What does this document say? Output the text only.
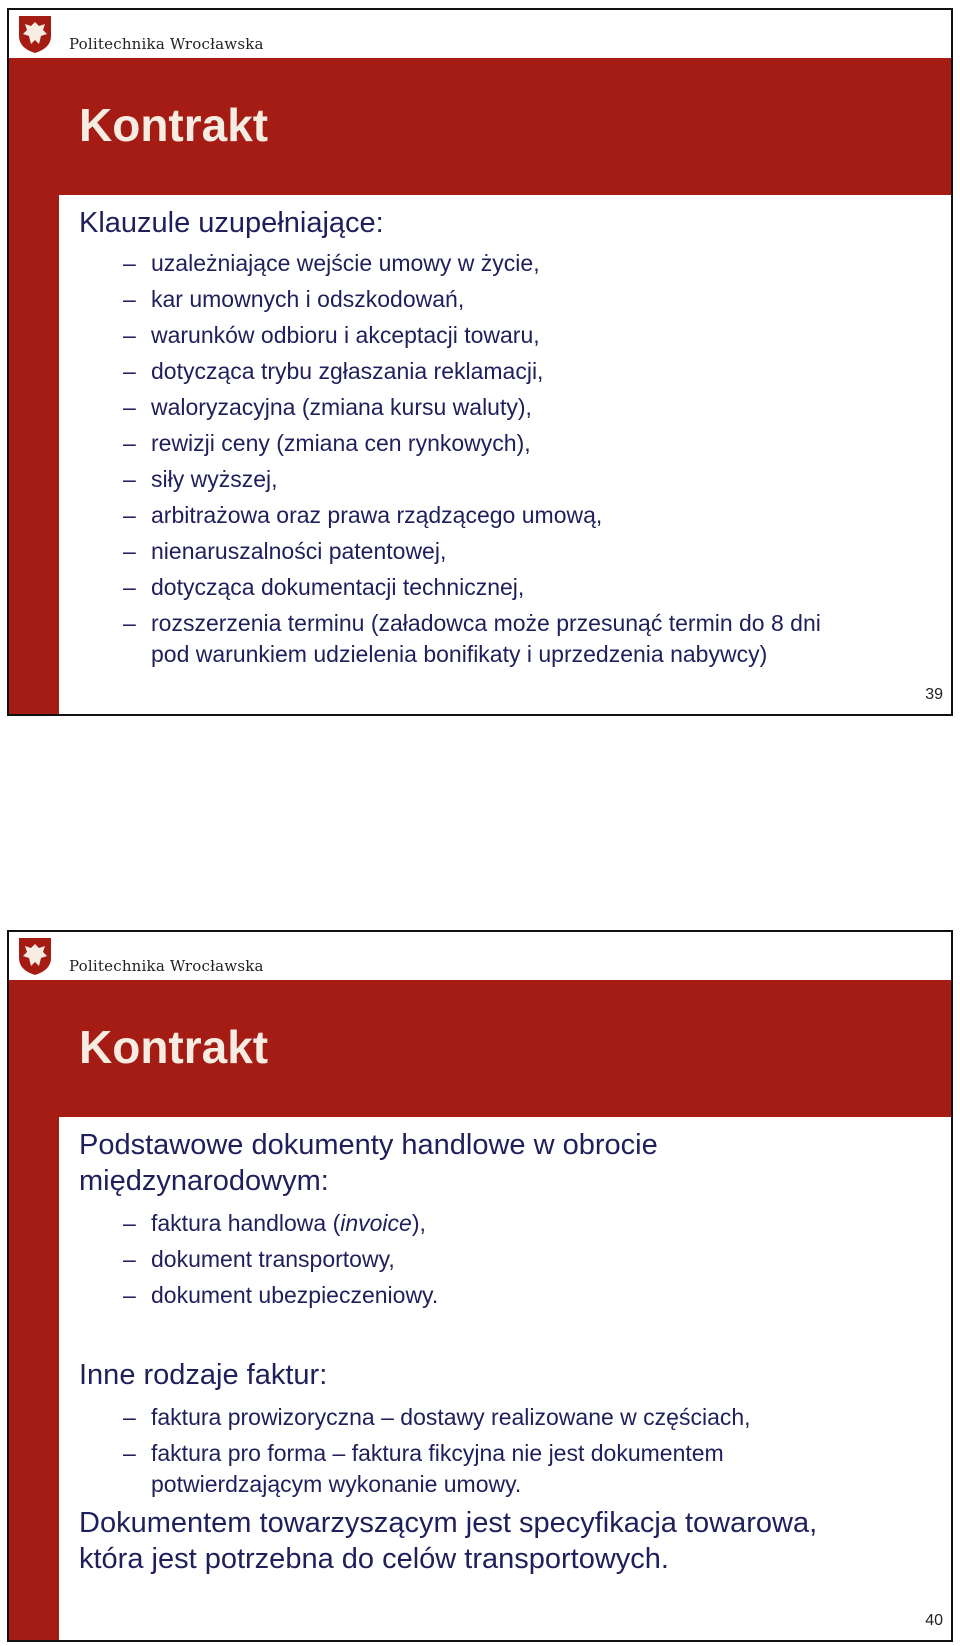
Politechnika Wrocławska
Kontrakt
Klauzule uzupełniające:
– uzależniające wejście umowy w życie,
– kar umownych i odszkodowań,
– warunków odbioru i akceptacji towaru,
– dotycząca trybu zgłaszania reklamacji,
– waloryzacyjna (zmiana kursu waluty),
– rewizji ceny (zmiana cen rynkowych),
– siły wyższej,
– arbitrażowa oraz prawa rządzącego umową,
– nienaruszalności patentowej,
– dotycząca dokumentacji technicznej,
– rozszerzenia terminu (załadowca może przesunąć termin do 8 dni
pod warunkiem udzielenia bonifikaty i uprzedzenia nabywcy)
39
Politechnika Wrocławska
Kontrakt
Podstawowe dokumenty handlowe w obrocie
międzynarodowym:
– faktura handlowa (invoice),
– dokument transportowy,
– dokument ubezpieczeniowy.
Inne rodzaje faktur:
– faktura prowizoryczna – dostawy realizowane w częściach,
– faktura pro forma – faktura fikcyjna nie jest dokumentem
potwierdzającym wykonanie umowy.
Dokumentem towarzyszącym jest specyfikacja towarowa,
która jest potrzebna do celów transportowych.
40
